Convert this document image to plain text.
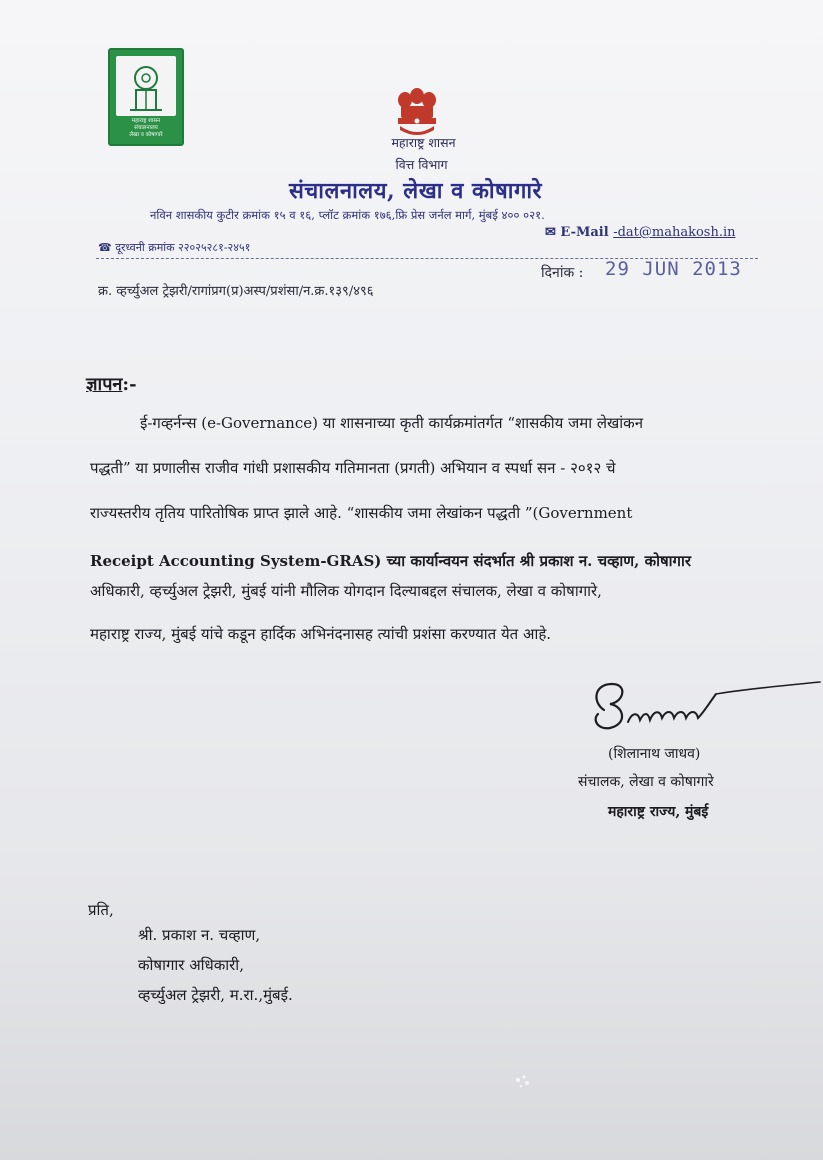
महाराष्ट्र शासन
संचालनालय
लेखा व कोषागारे	महाराष्ट्र शासन
वित्त विभाग
संचालनालय, लेखा व कोषागारे
नविन शासकीय कुटीर क्रमांक १५ व १६, प्लॉट क्रमांक १७६,फ्रि प्रेस जर्नल मार्ग, मुंबई ४०० ०२१.
☎ दूरध्वनी क्रमांक २२०२५२८१-२४५१
✉ E-Mail -dat@mahakosh.in
क्र. व्हर्च्युअल ट्रेझरी/रागांप्रग(प्र)अस्प/प्रशंसा/न.क्र.१३९/४९६
दिनांक : 29 JUN 2013
ज्ञापन:-
ई-गव्हर्नन्स (e-Governance) या शासनाच्या कृती कार्यक्रमांतर्गत “शासकीय जमा लेखांकन
पद्धती” या प्रणालीस राजीव गांधी प्रशासकीय गतिमानता (प्रगती) अभियान व स्पर्धा सन - २०१२ चे
राज्यस्तरीय तृतिय पारितोषिक प्राप्त झाले आहे. “शासकीय जमा लेखांकन पद्धती ”(Government
Receipt Accounting System-GRAS) च्या कार्यान्वयन संदर्भात श्री प्रकाश न. चव्हाण, कोषागार
अधिकारी, व्हर्च्युअल ट्रेझरी, मुंबई यांनी मौलिक योगदान दिल्याबद्दल संचालक, लेखा व कोषागारे,
महाराष्ट्र राज्य, मुंबई यांचे कडून हार्दिक अभिनंदनासह त्यांची प्रशंसा करण्यात येत आहे.
(शिलानाथ जाधव)
संचालक, लेखा व कोषागारे
महाराष्ट्र राज्य, मुंबई
प्रति,
श्री. प्रकाश न. चव्हाण,
कोषागार अधिकारी,
व्हर्च्युअल ट्रेझरी, म.रा.,मुंबई.
